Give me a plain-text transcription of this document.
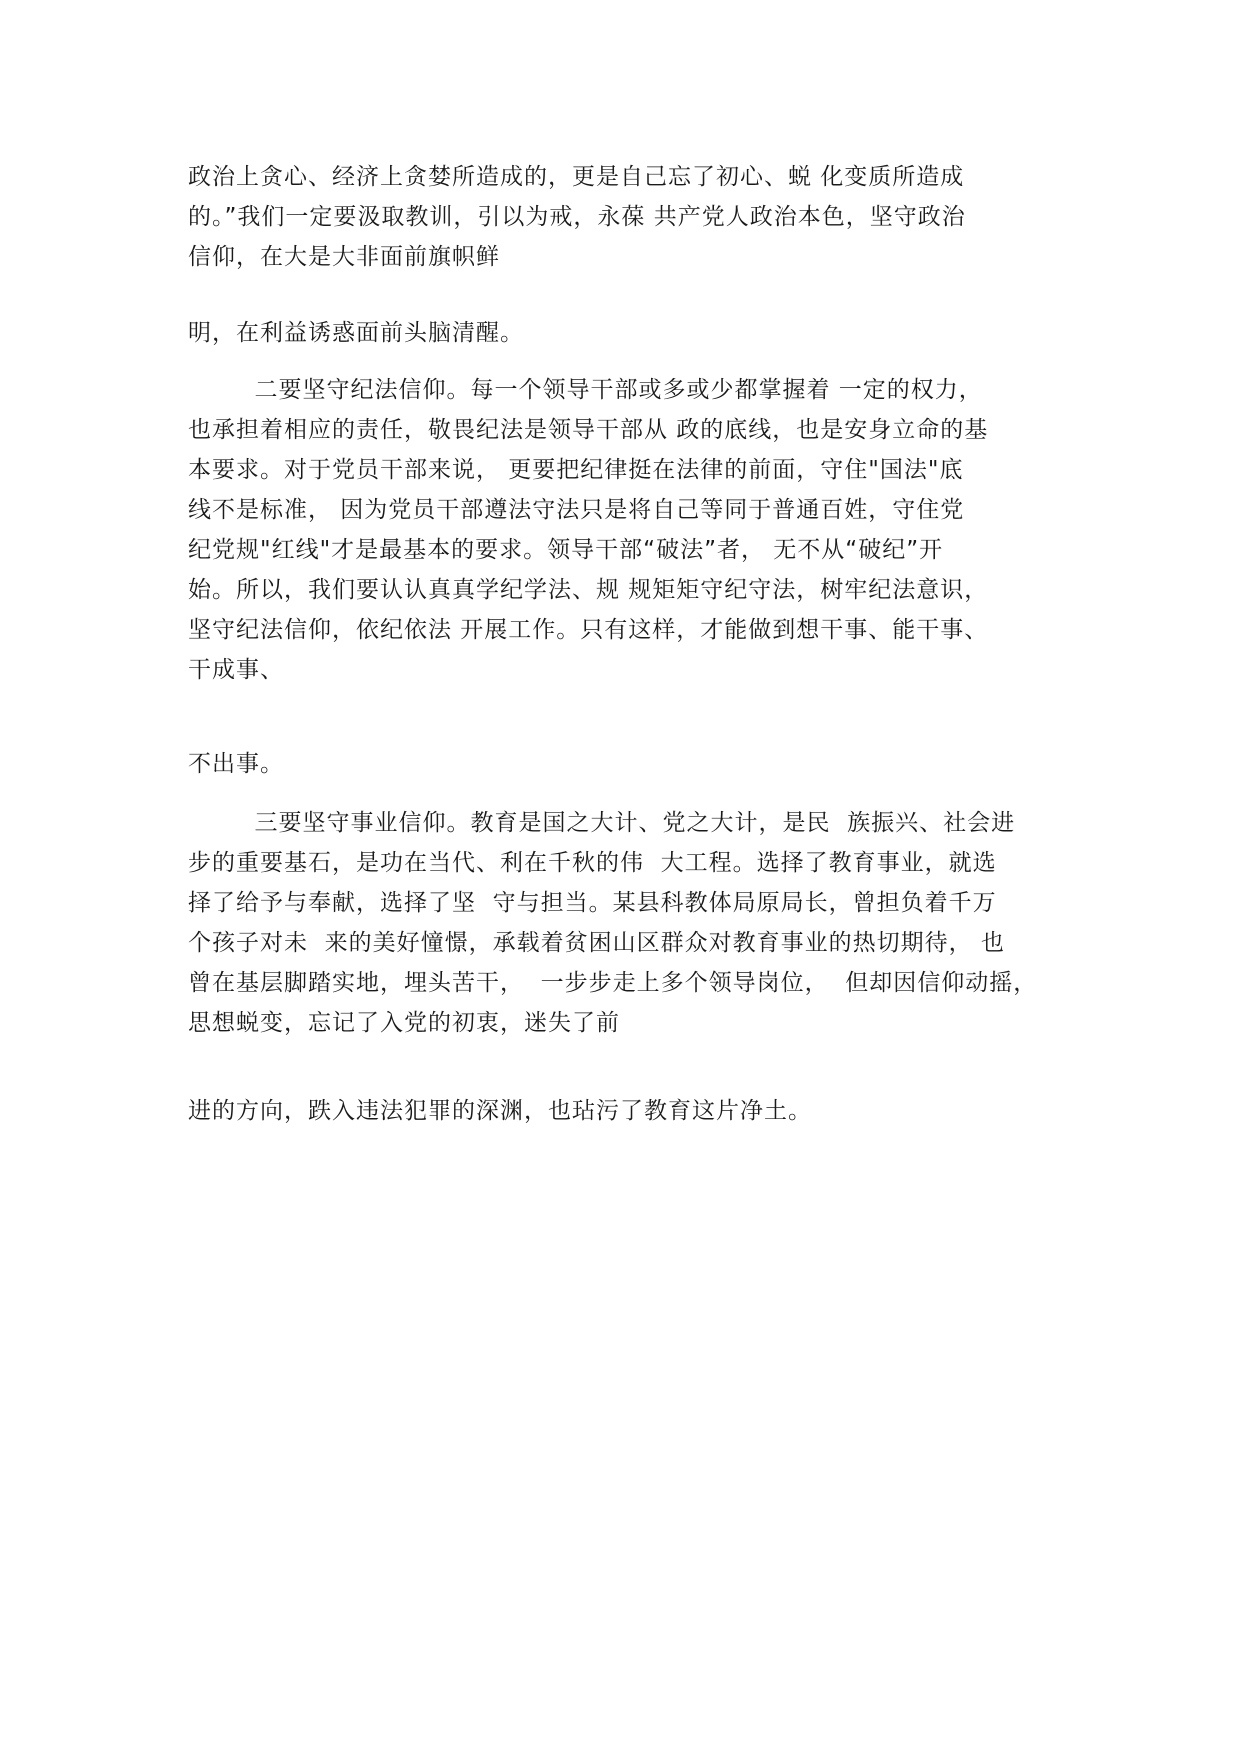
政治上贪心、经济上贪婪所造成的，更是自己忘了初心、蜕 化变质所造成
的。”我们一定要汲取教训，引以为戒，永葆 共产党人政治本色，坚守政治
信仰，在大是大非面前旗帜鲜
明，在利益诱惑面前头脑清醒。
二要坚守纪法信仰。每一个领导干部或多或少都掌握着 一定的权力，
也承担着相应的责任，敬畏纪法是领导干部从 政的底线，也是安身立命的基
本要求。对于党员干部来说， 更要把纪律挺在法律的前面，守住"国法"底
线不是标准， 因为党员干部遵法守法只是将自己等同于普通百姓，守住党
纪党规"红线"才是最基本的要求。领导干部“破法”者， 无不从“破纪”开
始。所以，我们要认认真真学纪学法、规 规矩矩守纪守法，树牢纪法意识，
坚守纪法信仰，依纪依法 开展工作。只有这样，才能做到想干事、能干事、
干成事、
不出事。
三要坚守事业信仰。教育是国之大计、党之大计，是民  族振兴、社会进
步的重要基石，是功在当代、利在千秋的伟  大工程。选择了教育事业，就选
择了给予与奉献，选择了坚  守与担当。某县科教体局原局长，曾担负着千万
个孩子对未  来的美好憧憬，承载着贫困山区群众对教育事业的热切期待， 也
曾在基层脚踏实地，埋头苦干，  一步步走上多个领导岗位，  但却因信仰动摇，
思想蜕变，忘记了入党的初衷，迷失了前
进的方向，跌入违法犯罪的深渊，也玷污了教育这片净土。
